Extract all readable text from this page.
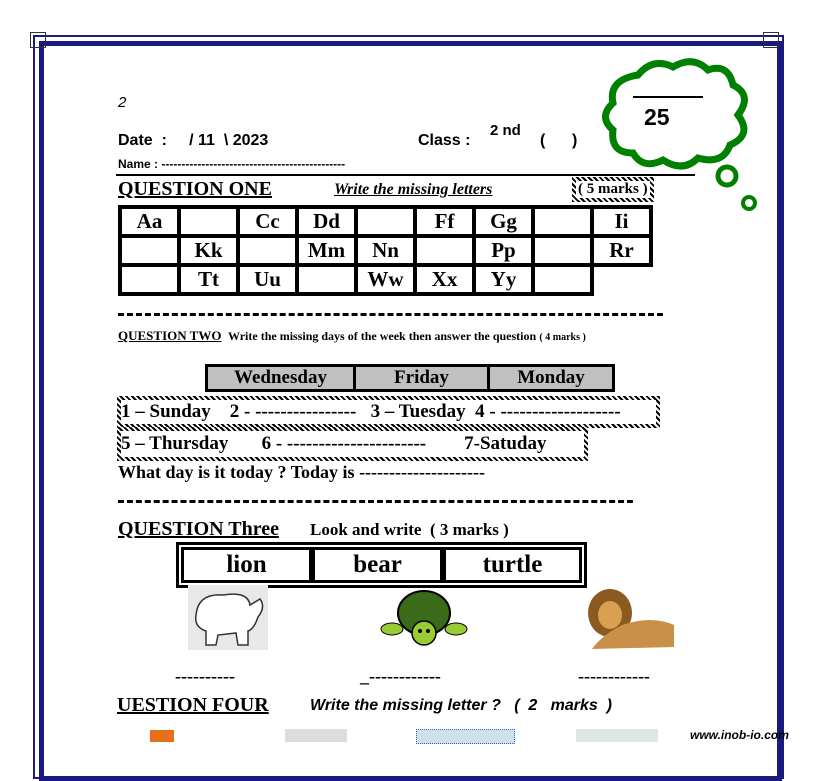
2
Date :     / 11  \ 2023	Class :
2 nd
(      )
Name : ----------------------------------------------
25
QUESTION ONE	Write the missing letters	( 5 marks )
Aa		Cc	Dd		Ff	Gg		Ii
	Kk		Mm	Nn		Pp		Rr
	Tt	Uu		Ww	Xx	Yy		
QUESTION TWO Write the missing days of the week then answer the question ( 4 marks )
Wednesday	Friday	Monday
1 – Sunday    2 - ----------------   3 – Tuesday  4 - -------------------
5 – Thursday       6 - ----------------------        7-Satuday
What day is it today ? Today is ---------------------
QUESTION Three Look and write  ( 3 marks )
lion	bear	turtle
----------	_------------	------------
UESTION FOUR	Write the missing letter ?   (  2   marks  )
www.inob-io.com
